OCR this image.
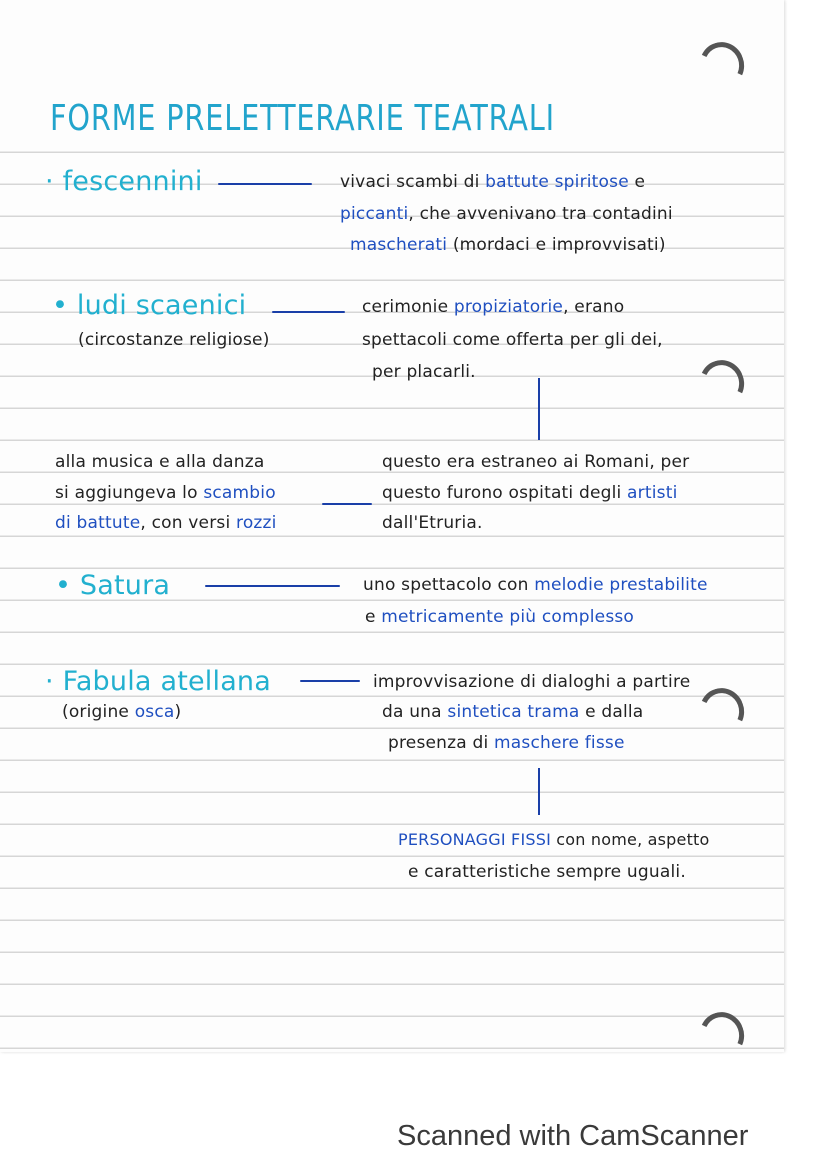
FORME PRELETTERARIE TEATRALI
· fescennini	vivaci scambi di battute spiritose e
piccanti, che avvenivano tra contadini
mascherati (mordaci e improvvisati)
• ludi scaenici
(circostanze religiose)
cerimonie propiziatorie, erano
spettacoli come offerta per gli dei,
per placarli.
alla musica e alla danza
si aggiungeva lo scambio
di battute, con versi rozzi
questo era estraneo ai Romani, per
questo furono ospitati degli artisti
dall'Etruria.
• Satura	uno spettacolo con melodie prestabilite
e metricamente più complesso
· Fabula atellana
(origine osca)
improvvisazione di dialoghi a partire
da una sintetica trama e dalla
presenza di maschere fisse
PERSONAGGI FISSI con nome, aspetto
e caratteristiche sempre uguali.
Scanned with CamScanner
